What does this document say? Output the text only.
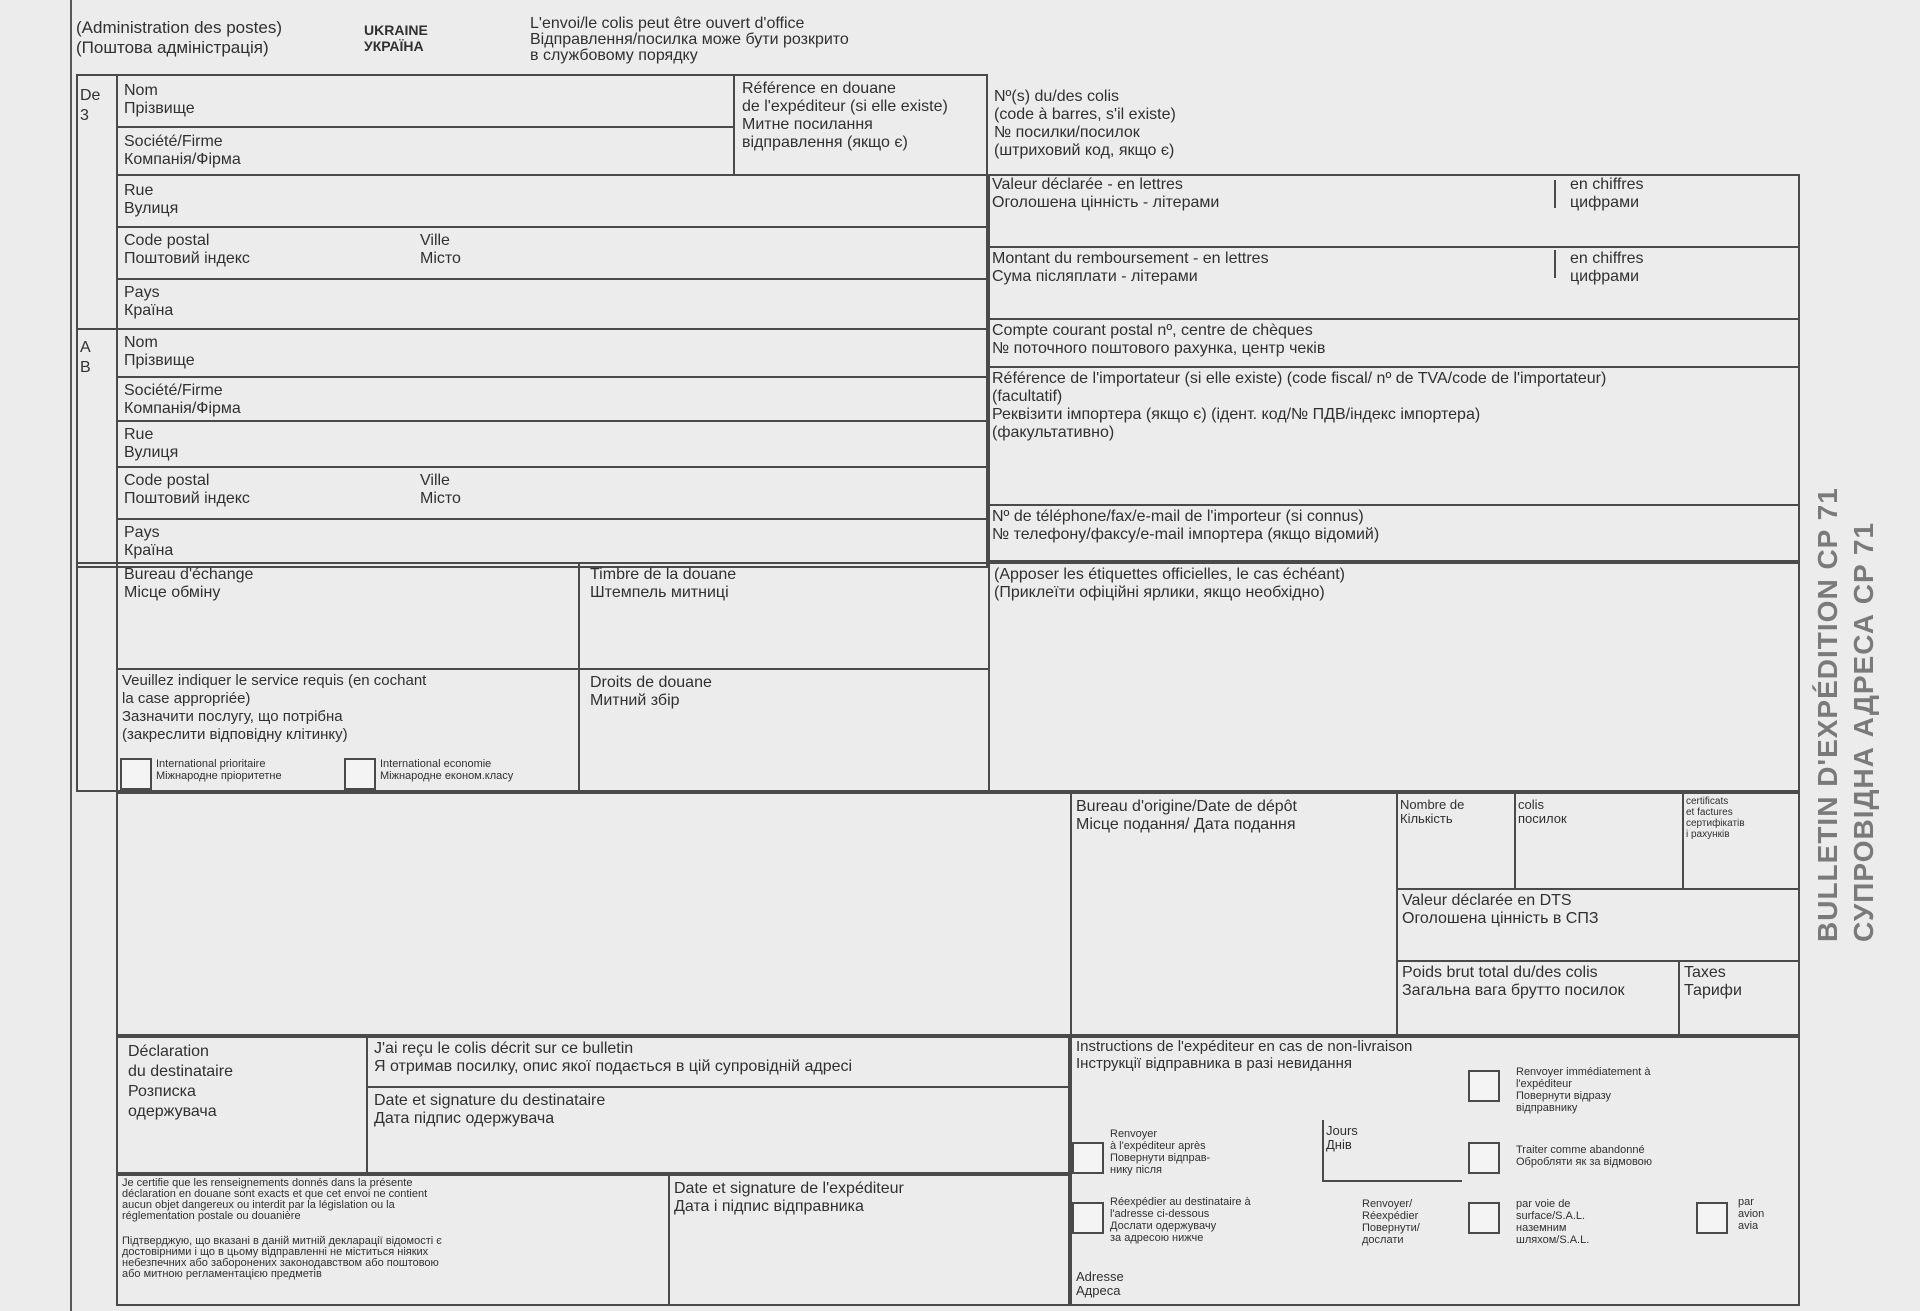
(Administration des postes)
(Поштова адміністрація)
UKRAINE
УКРАЇНА
L'envoi/le colis peut être ouvert d'office
Відправлення/посилка може бути розкрито
в службовому порядку
De
3
Nom
Прізвище
Référence en douane
de l'expéditeur (si elle existe)
Митне посилання
відправлення (якщо є)
Société/Firme
Компанія/Фірма
Rue
Вулиця
Code postal
Поштовий індекс
Ville
Місто
Pays
Країна
A
B
Nom
Прізвище
Société/Firme
Компанія/Фірма
Rue
Вулиця
Code postal
Поштовий індекс
Ville
Місто
Pays
Країна
Nº(s) du/des colis
(code à barres, s'il existe)
№ посилки/посилок
(штриховий код, якщо є)
Valeur déclarée - en lettres
Оголошена цінність - літерами
en chiffres
цифрами
Montant du remboursement - en lettres
Сума післяплати - літерами
en chiffres
цифрами
Compte courant postal nº, centre de chèques
№ поточного поштового рахунка, центр чеків
Référence de l'importateur (si elle existe) (code fiscal/ nº de TVA/code de l'importateur)
(facultatif)
Реквізити імпортера (якщо є) (ідент. код/№ ПДВ/індекс імпортера)
(факультативно)
Nº de téléphone/fax/e-mail de l'importeur (si connus)
№ телефону/факсу/e-mail імпортера (якщо відомий)
Bureau d'échange
Місце обміну
Timbre de la douane
Штемпель митниці
(Apposer les étiquettes officielles, le cas échéant)
(Приклеїти офіційні ярлики, якщо необхідно)
Veuillez indiquer le service requis (en cochant
la case appropriée)
Зазначити послугу, що потрібна
(закреслити відповідну клітинку)
Droits de douane
Митний збір
International prioritaire
Міжнародне пріоритетне
International economie
Міжнародне економ.класу
Bureau d'origine/Date de dépôt
Місце подання/ Дата подання
Nombre de
Кількість
colis
посилок
certificats
et factures
сертифікатів
і рахунків
Valeur déclarée en DTS
Оголошена цінність в СПЗ
Poids brut total du/des colis
Загальна вага брутто посилок
Taxes
Тарифи
Déclaration
du destinataire
Розписка
одержувача
J'ai reçu le colis décrit sur ce bulletin
Я отримав посилку, опис якої подається в цій супровідній адресі
Date et signature du destinataire
Дата підпис одержувача
Je certifie que les renseignements donnés dans la présente
déclaration en douane sont exacts et que cet envoi ne contient
aucun objet dangereux ou interdit par la législation ou la
réglementation postale ou douanière
Підтверджую, що вказані в даній митній декларації відомості є
достовірними і що в цьому відправленні не міститься ніяких
небезпечних або заборонених законодавством або поштовою
або митною регламентацією предметів
Date et signature de l'expéditeur
Дата і підпис відправника
Instructions de l'expéditeur en cas de non-livraison
Інструкції відправника в разі невидання
Renvoyer
à l'expéditeur après
Повернути відправ-
нику після
Jours
Днів
Renvoyer immédiatement à
l'expéditeur
Повернути відразу
відправнику
Traiter comme abandonné
Обробляти як за відмовою
Réexpédier au destinataire à
l'adresse ci-dessous
Дослати одержувачу
за адресою нижче
Renvoyer/
Réexpédier
Повернути/
дослати
par voie de
surface/S.A.L.
наземним
шляхом/S.A.L.
par
avion
avia
Adresse
Адреса
BULLETIN D'EXPÉDITION CP 71 СУПРОВІДНА АДРЕСА CP 71
